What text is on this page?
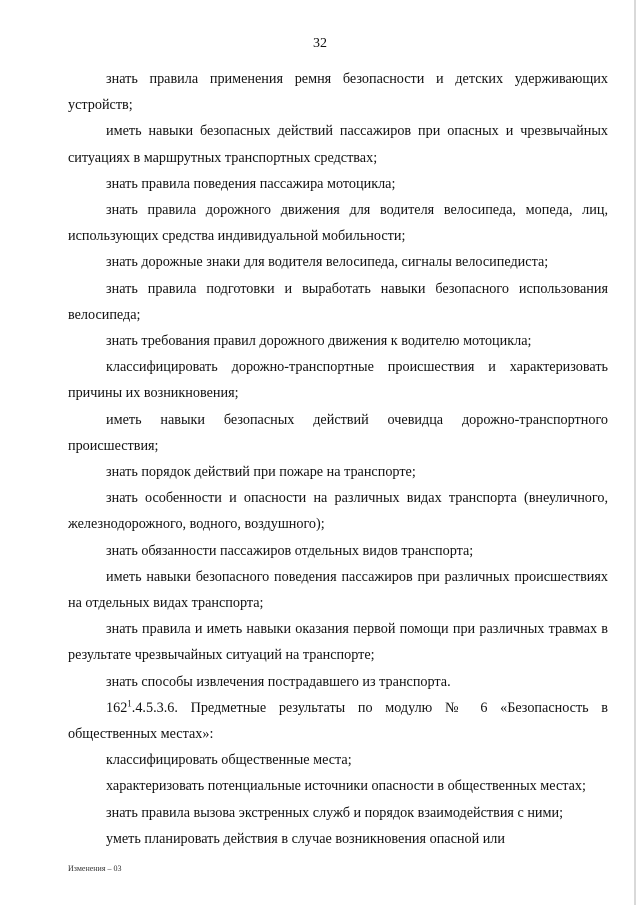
32

знать правила применения ремня безопасности и детских удерживающих устройств;

иметь навыки безопасных действий пассажиров при опасных и чрезвычайных ситуациях в маршрутных транспортных средствах;

знать правила поведения пассажира мотоцикла;

знать правила дорожного движения для водителя велосипеда, мопеда, лиц, использующих средства индивидуальной мобильности;

знать дорожные знаки для водителя велосипеда, сигналы велосипедиста;

знать правила подготовки и выработать навыки безопасного использования велосипеда;

знать требования правил дорожного движения к водителю мотоцикла;

классифицировать дорожно-транспортные происшествия и характеризовать причины их возникновения;

иметь навыки безопасных действий очевидца дорожно-транспортного происшествия;

знать порядок действий при пожаре на транспорте;

знать особенности и опасности на различных видах транспорта (внеуличного, железнодорожного, водного, воздушного);

знать обязанности пассажиров отдельных видов транспорта;

иметь навыки безопасного поведения пассажиров при различных происшествиях на отдельных видах транспорта;

знать правила и иметь навыки оказания первой помощи при различных травмах в результате чрезвычайных ситуаций на транспорте;

знать способы извлечения пострадавшего из транспорта.

$162^1.4.5.3.6$. Предметные результаты по модулю № 6 «Безопасность в общественных местах»:

классифицировать общественные места;

характеризовать потенциальные источники опасности в общественных местах;

знать правила вызова экстренных служб и порядок взаимодействия с ними;

уметь планировать действия в случае возникновения опасной или

Изменения – 03
